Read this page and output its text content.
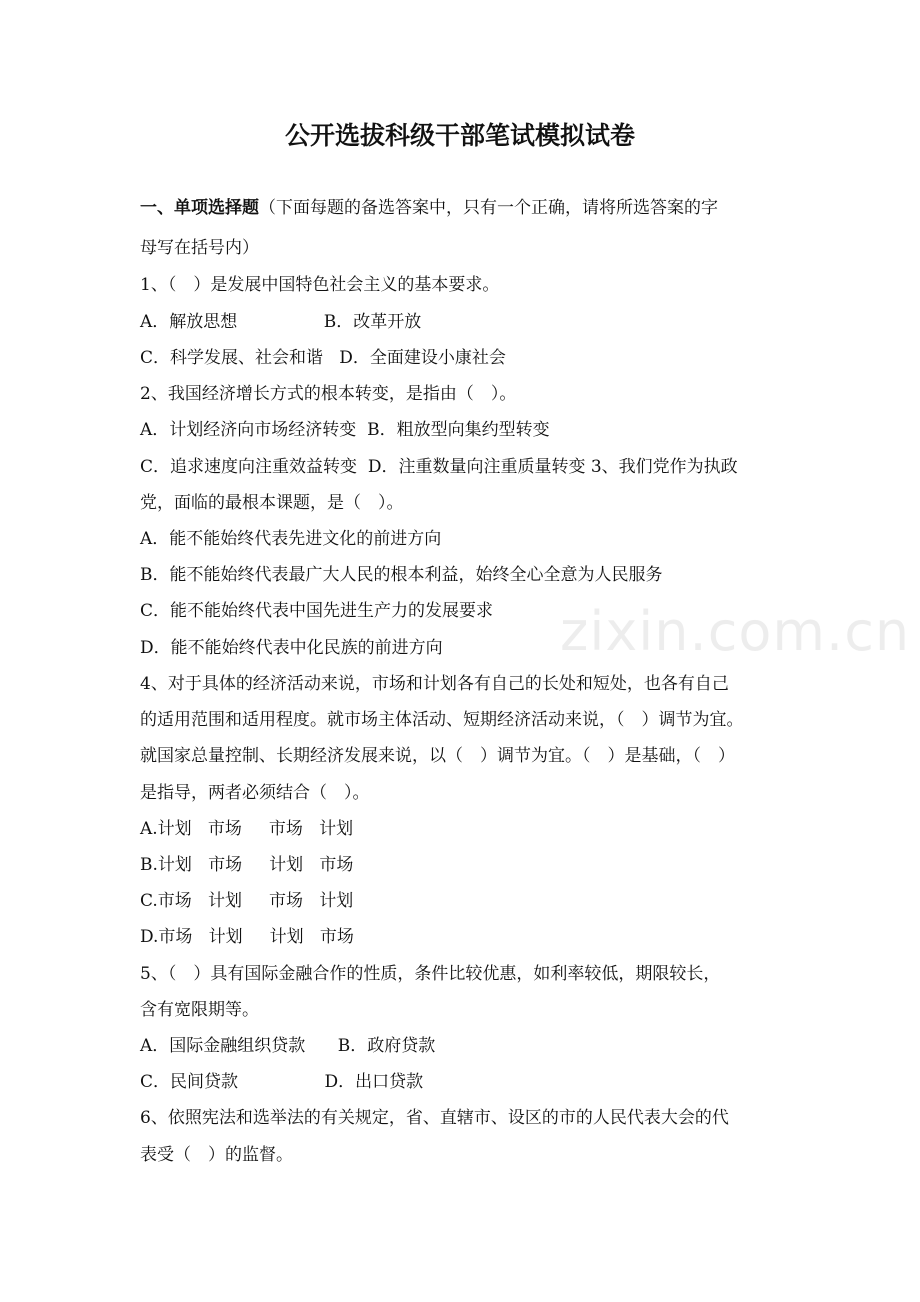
公开选拔科级干部笔试模拟试卷
一、单项选择题（下面每题的备选答案中，只有一个正确，请将所选答案的字
母写在括号内）
1、（　）是发展中国特色社会主义的基本要求。
A．解放思想                B．改革开放
C．科学发展、社会和谐   D．全面建设小康社会
2、我国经济增长方式的根本转变，是指由（　）。
A．计划经济向市场经济转变  B．粗放型向集约型转变
C．追求速度向注重效益转变  D．注重数量向注重质量转变 3、我们党作为执政
党，面临的最根本课题，是（　）。
A．能不能始终代表先进文化的前进方向
B．能不能始终代表最广大人民的根本利益，始终全心全意为人民服务
C．能不能始终代表中国先进生产力的发展要求
D．能不能始终代表中化民族的前进方向
4、对于具体的经济活动来说，市场和计划各有自己的长处和短处，也各有自己
的适用范围和适用程度。就市场主体活动、短期经济活动来说，（　）调节为宜。
就国家总量控制、长期经济发展来说，以（　）调节为宜。（　）是基础，（　）
是指导，两者必须结合（　）。
A.计划   市场     市场   计划
B.计划   市场     计划   市场
C.市场   计划     市场   计划
D.市场   计划     计划   市场
5、（　）具有国际金融合作的性质，条件比较优惠，如利率较低，期限较长，
含有宽限期等。
A．国际金融组织贷款      B．政府贷款
C．民间贷款                D．出口贷款
6、依照宪法和选举法的有关规定，省、直辖市、设区的市的人民代表大会的代
表受（　）的监督。
zixin.com.cn
